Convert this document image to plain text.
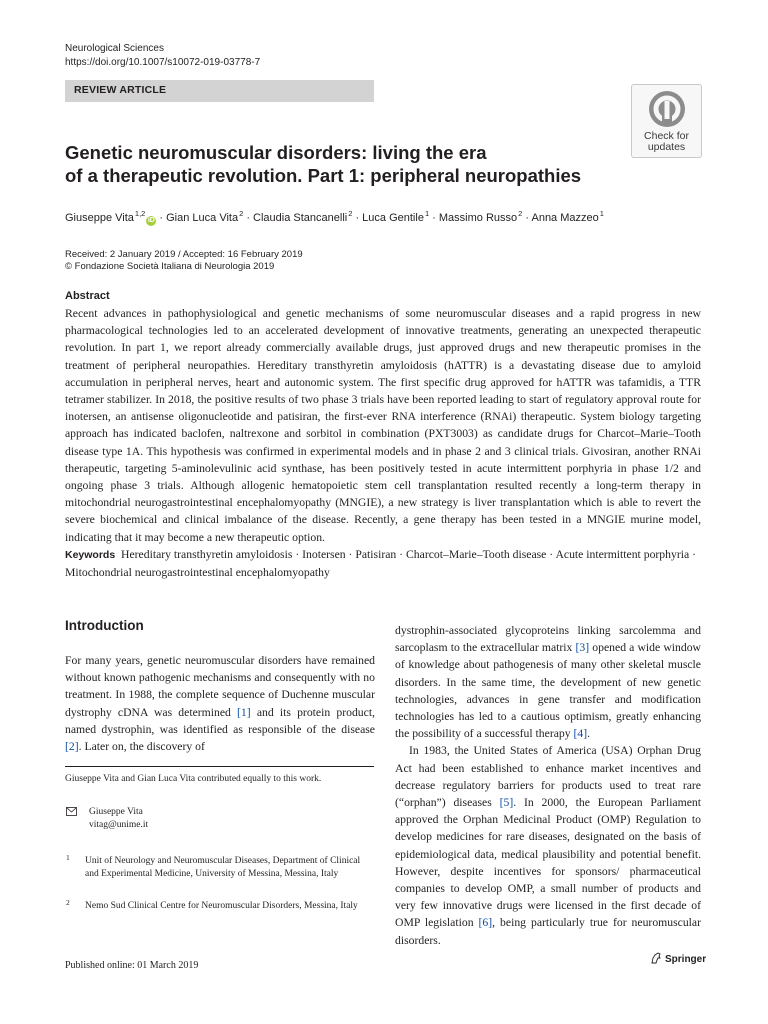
Neurological Sciences
https://doi.org/10.1007/s10072-019-03778-7
REVIEW ARTICLE
Check for
updates
Genetic neuromuscular disorders: living the era
of a therapeutic revolution. Part 1: peripheral neuropathies
Giuseppe Vita$^{1,2}$iD · Gian Luca Vita$^2$ · Claudia Stancanelli$^2$ · Luca Gentile$^1$ · Massimo Russo$^2$ · Anna Mazzeo$^1$
Received: 2 January 2019 / Accepted: 16 February 2019
© Fondazione Società Italiana di Neurologia 2019
Abstract

Recent advances in pathophysiological and genetic mechanisms of some neuromuscular diseases and a rapid progress in new pharmacological technologies led to an accelerated development of innovative treatments, generating an unexpected therapeutic revolution. In part 1, we report already commercially available drugs, just approved drugs and new therapeutic promises in the treatment of peripheral neuropathies. Hereditary transthyretin amyloidosis (hATTR) is a devastating disease due to amyloid accumulation in peripheral nerves, heart and autonomic system. The first specific drug approved for hATTR was tafamidis, a TTR tetramer stabilizer. In 2018, the positive results of two phase 3 trials have been reported leading to start of regulatory approval route for inotersen, an antisense oligonucleotide and patisiran, the first-ever RNA interference (RNAi) therapeutic. System biology targeting approach has indicated baclofen, naltrexone and sorbitol in combination (PXT3003) as candidate drugs for Charcot–Marie–Tooth disease type 1A. This hypothesis was confirmed in experimental models and in phase 2 and 3 clinical trials. Givosiran, another RNAi therapeutic, targeting 5-aminolevulinic acid synthase, has been positively tested in acute intermittent porphyria in phase 1/2 and ongoing phase 3 trials. Although allogenic hematopoietic stem cell transplantation resulted recently a long-term therapy in mitochondrial neurogastrointestinal encephalomyopathy (MNGIE), a new strategy is liver transplantation which is able to revert the severe biochemical and clinical imbalance of the disease. Recently, a gene therapy has been tested in a MNGIE murine model, indicating that it may become a new therapeutic option.

Keywords Hereditary transthyretin amyloidosis · Inotersen · Patisiran · Charcot–Marie–Tooth disease · Acute intermittent porphyria · Mitochondrial neurogastrointestinal encephalomyopathy
Introduction

For many years, genetic neuromuscular disorders have remained without known pathogenic mechanisms and consequently with no treatment. In 1988, the complete sequence of Duchenne muscular dystrophy cDNA was determined [1] and its protein product, named dystrophin, was identified as responsible of the disease [2]. Later on, the discovery of

dystrophin-associated glycoproteins linking sarcolemma and sarcoplasm to the extracellular matrix [3] opened a wide window of knowledge about pathogenesis of many other skeletal muscle disorders. In the same time, the development of new genetic technologies, advances in gene transfer and modification technologies has led to a cautious optimism, greatly enhancing the possibility of a successful therapy [4].

In 1983, the United States of America (USA) Orphan Drug Act had been established to enhance market incentives and decrease regulatory barriers for products used to treat rare (“orphan”) diseases [5]. In 2000, the European Parliament approved the Orphan Medicinal Product (OMP) Regulation to develop medicines for rare diseases, designated on the basis of epidemiological data, medical plausibility and potential benefit. However, despite incentives for sponsors/ pharmaceutical companies to develop OMP, a small number of products and very few innovative drugs were licensed in the first decade of OMP legislation [6], being particularly true for neuromuscular disorders.

Giuseppe Vita and Gian Luca Vita contributed equally to this work.
Giuseppe Vita
vitag@unime.it
1 Unit of Neurology and Neuromuscular Diseases, Department of Clinical and Experimental Medicine, University of Messina, Messina, Italy

2 Nemo Sud Clinical Centre for Neuromuscular Disorders, Messina, Italy

Published online: 01 March 2019
Springer
